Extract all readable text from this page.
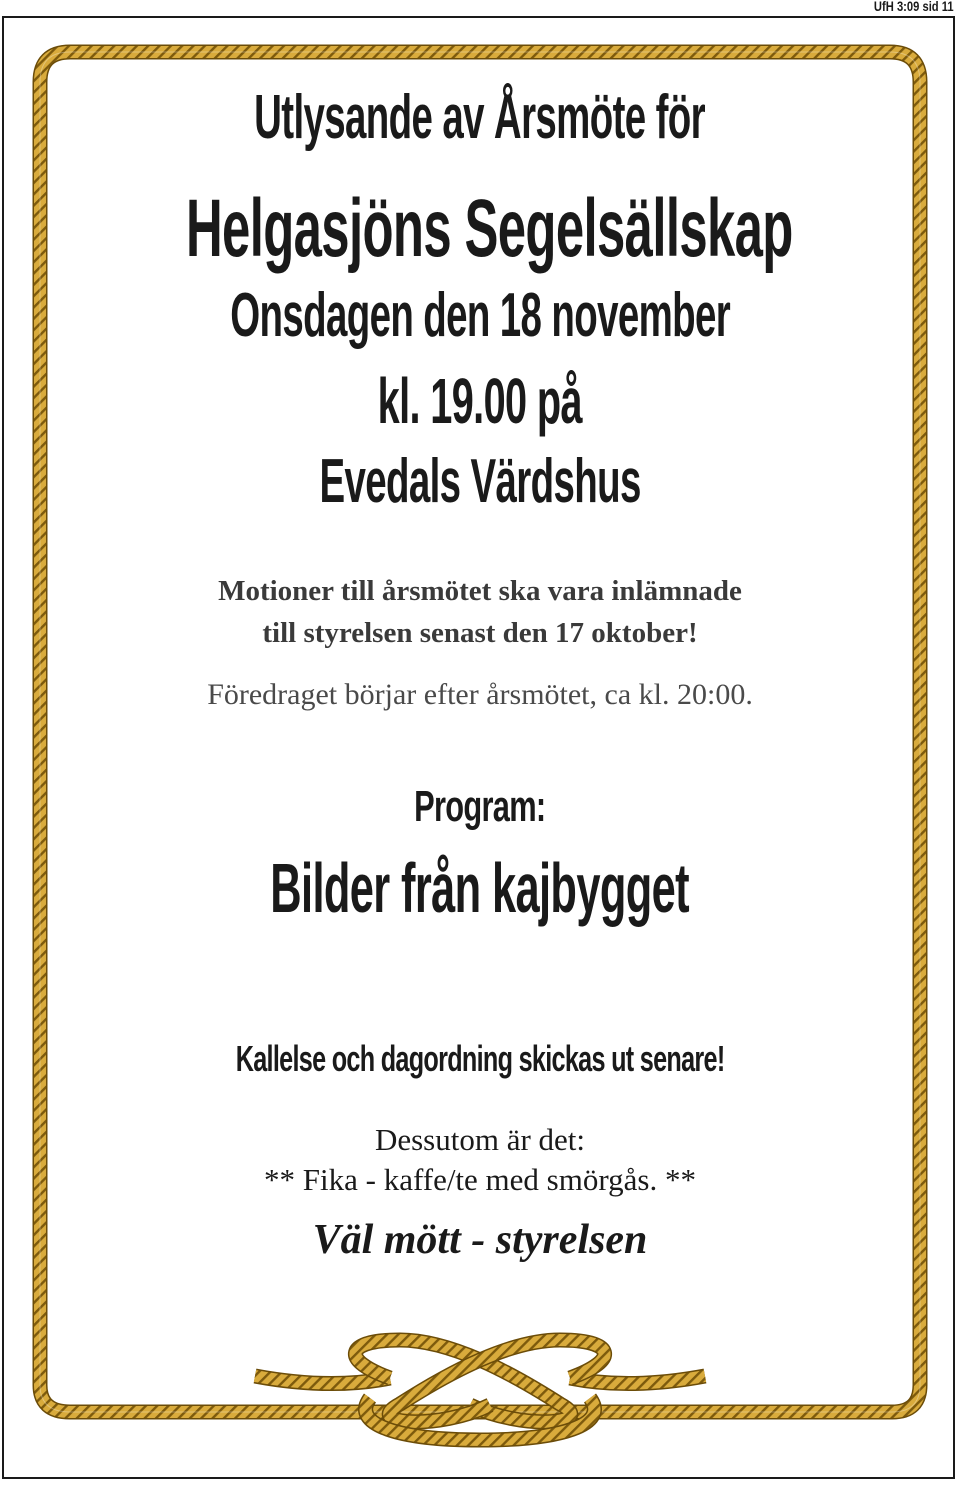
UfH 3:09 sid 11
Utlysande av Årsmöte för
Helgasjöns Segelsällskap
Onsdagen den 18 november
kl. 19.00 på
Evedals Värdshus
Motioner till årsmötet ska vara inlämnade
till styrelsen senast den 17 oktober!
Föredraget börjar efter årsmötet, ca kl. 20:00.
Program:
Bilder från kajbygget
Kallelse och dagordning skickas ut senare!
Dessutom är det:
** Fika - kaffe/te med smörgås. **
Väl mött - styrelsen
